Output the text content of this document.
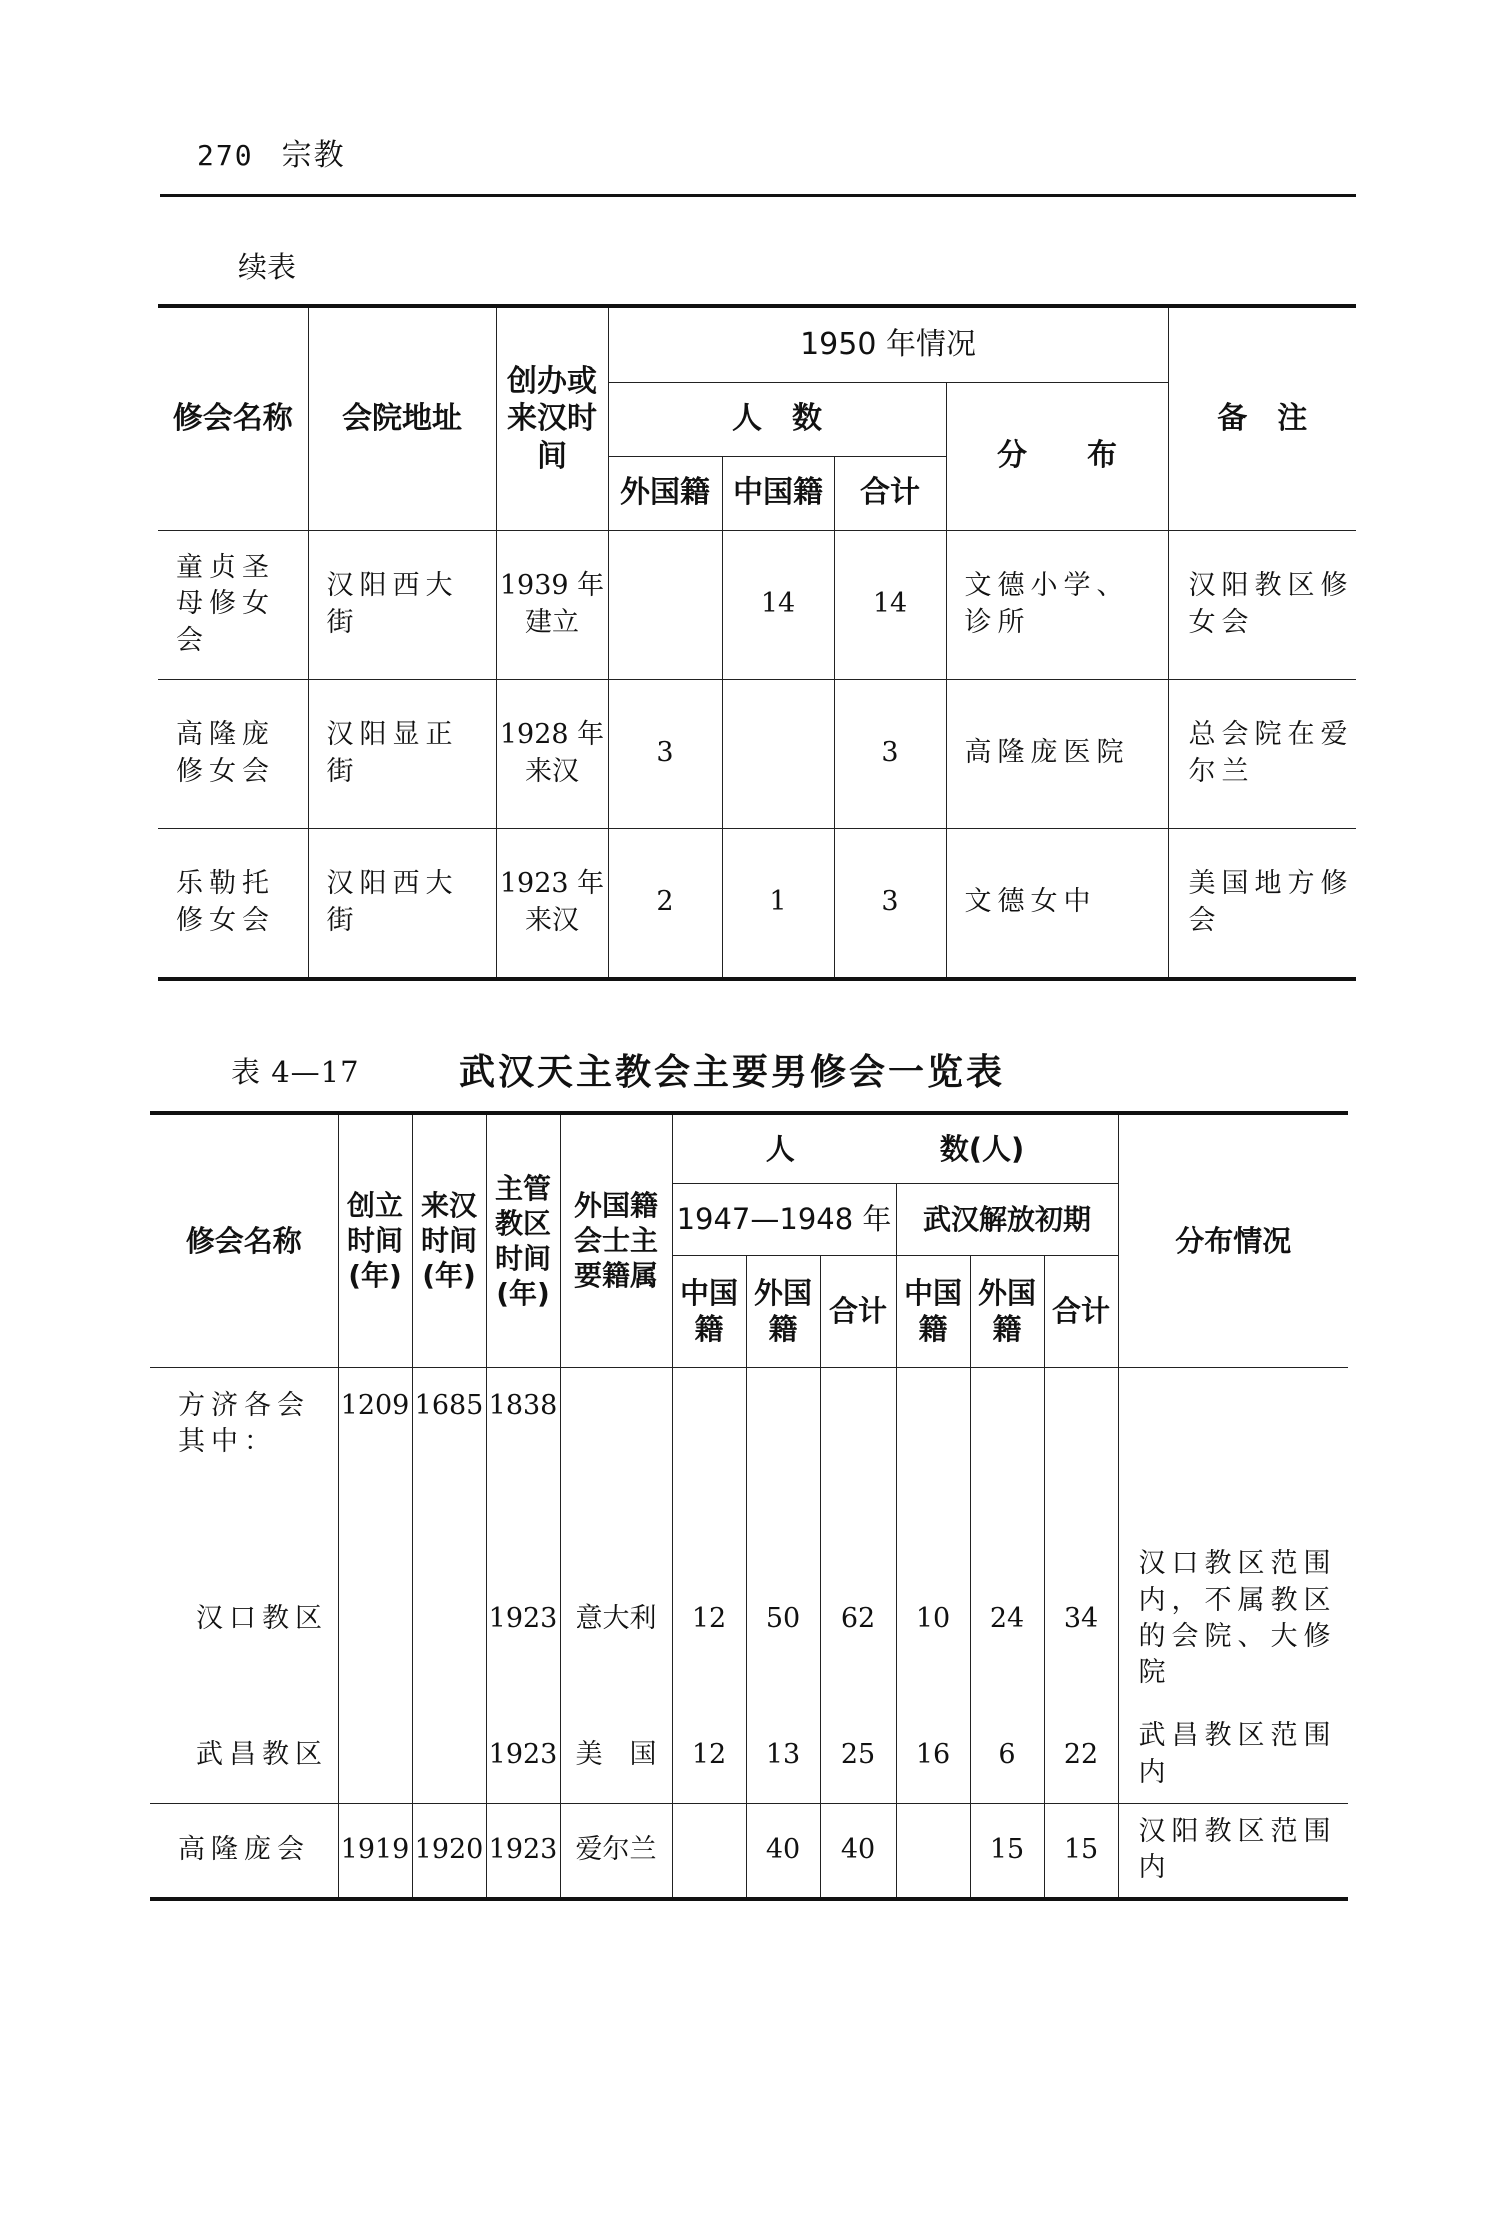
270 宗教
续表
修会名称	会院地址	创办或来汉时间	1950 年情况				备　注
			人　数			分　　布	
			外国籍	中国籍	合计		
童贞圣母修女会	汉阳西大街	1939 年建立		14	14	文德小学、诊所	汉阳教区修女会
高隆庞修女会	汉阳显正街	1928 年来汉	3		3	高隆庞医院	总会院在爱尔兰
乐勒托修女会	汉阳西大街	1923 年来汉	2	1	3	文德女中	美国地方修会
表 4—17	武汉天主教会主要男修会一览表
修会名称	创立时间(年)	来汉时间(年)	主管教区时间(年)	外国籍会士主要籍属	人　　　　　数(人)						分布情况
					1947—1948 年			武汉解放初期			
					中国籍	外国籍	合计	中国籍	外国籍	合计	
方济各会其中：	1209	1685	1838								
汉口教区			1923	意大利	12	50	62	10	24	34	汉口教区范围内，不属教区的会院、大修院
武昌教区			1923	美　国	12	13	25	16	6	22	武昌教区范围内
高隆庞会	1919	1920	1923	爱尔兰		40	40		15	15	汉阳教区范围内
